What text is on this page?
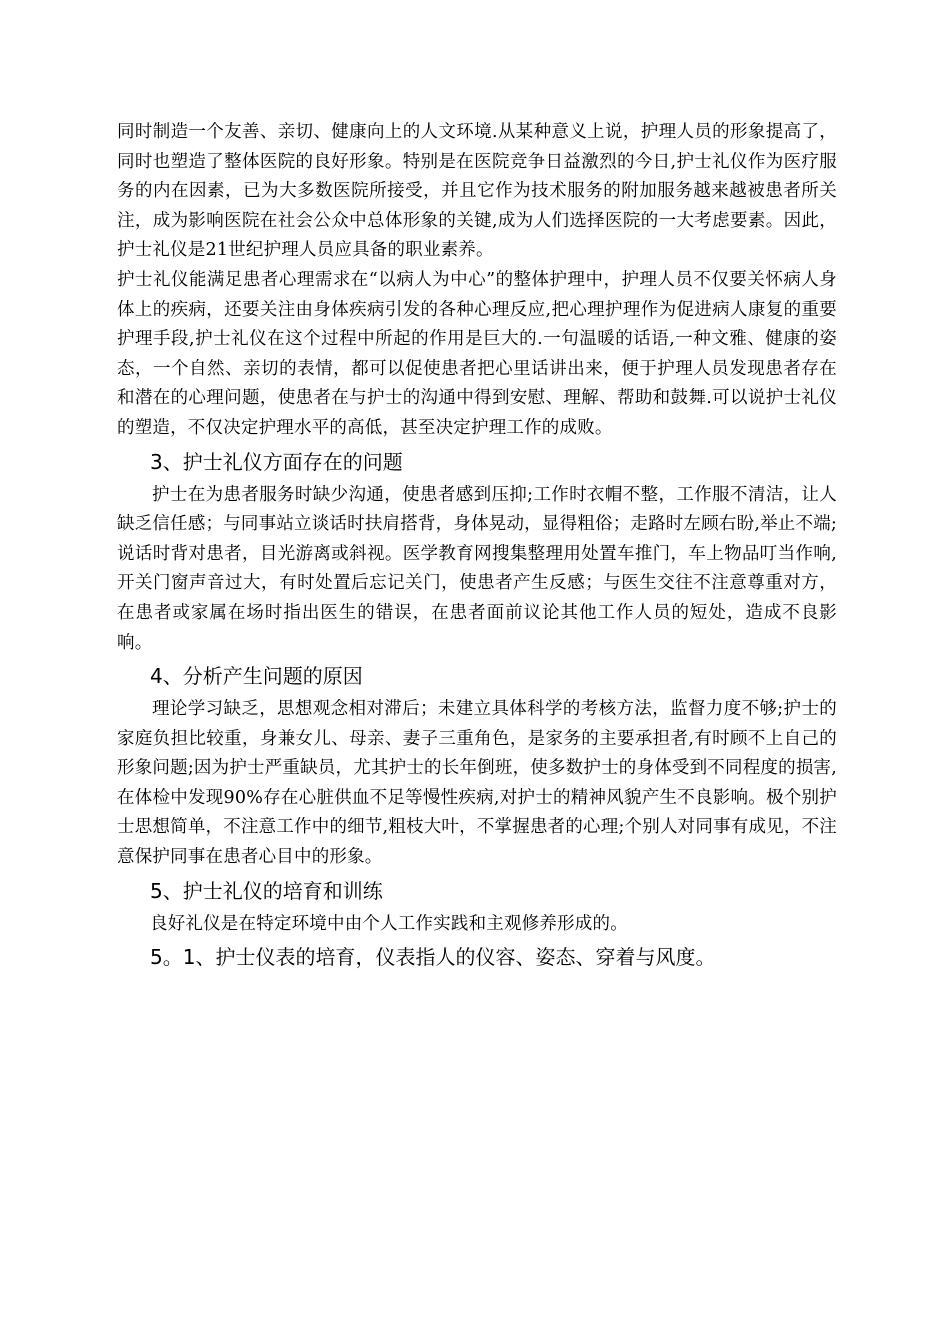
同时制造一个友善、亲切、健康向上的人文环境.从某种意义上说，护理人员的形象提高了，同时也塑造了整体医院的良好形象。特别是在医院竞争日益激烈的今日,护士礼仪作为医疗服务的内在因素，已为大多数医院所接受，并且它作为技术服务的附加服务越来越被患者所关注，成为影响医院在社会公众中总体形象的关键,成为人们选择医院的一大考虑要素。因此，护士礼仪是21世纪护理人员应具备的职业素养。

护士礼仪能满足患者心理需求在“以病人为中心”的整体护理中，护理人员不仅要关怀病人身体上的疾病，还要关注由身体疾病引发的各种心理反应,把心理护理作为促进病人康复的重要护理手段,护士礼仪在这个过程中所起的作用是巨大的.一句温暖的话语,一种文雅、健康的姿态，一个自然、亲切的表情，都可以促使患者把心里话讲出来，便于护理人员发现患者存在和潜在的心理问题，使患者在与护士的沟通中得到安慰、理解、帮助和鼓舞.可以说护士礼仪的塑造，不仅决定护理水平的高低，甚至决定护理工作的成败。

3、护士礼仪方面存在的问题

护士在为患者服务时缺少沟通，使患者感到压抑;工作时衣帽不整，工作服不清洁，让人缺乏信任感；与同事站立谈话时扶肩搭背，身体晃动，显得粗俗；走路时左顾右盼,举止不端;说话时背对患者，目光游离或斜视。医学教育网搜集整理用处置车推门，车上物品叮当作响,开关门窗声音过大，有时处置后忘记关门，使患者产生反感；与医生交往不注意尊重对方，在患者或家属在场时指出医生的错误，在患者面前议论其他工作人员的短处，造成不良影响。

4、分析产生问题的原因

理论学习缺乏，思想观念相对滞后；未建立具体科学的考核方法，监督力度不够;护士的家庭负担比较重，身兼女儿、母亲、妻子三重角色，是家务的主要承担者,有时顾不上自己的形象问题;因为护士严重缺员，尤其护士的长年倒班，使多数护士的身体受到不同程度的损害,在体检中发现90%存在心脏供血不足等慢性疾病,对护士的精神风貌产生不良影响。极个别护士思想简单，不注意工作中的细节,粗枝大叶，不掌握患者的心理;个别人对同事有成见，不注意保护同事在患者心目中的形象。

5、护士礼仪的培育和训练

良好礼仪是在特定环境中由个人工作实践和主观修养形成的。

5。1、护士仪表的培育，仪表指人的仪容、姿态、穿着与风度。
